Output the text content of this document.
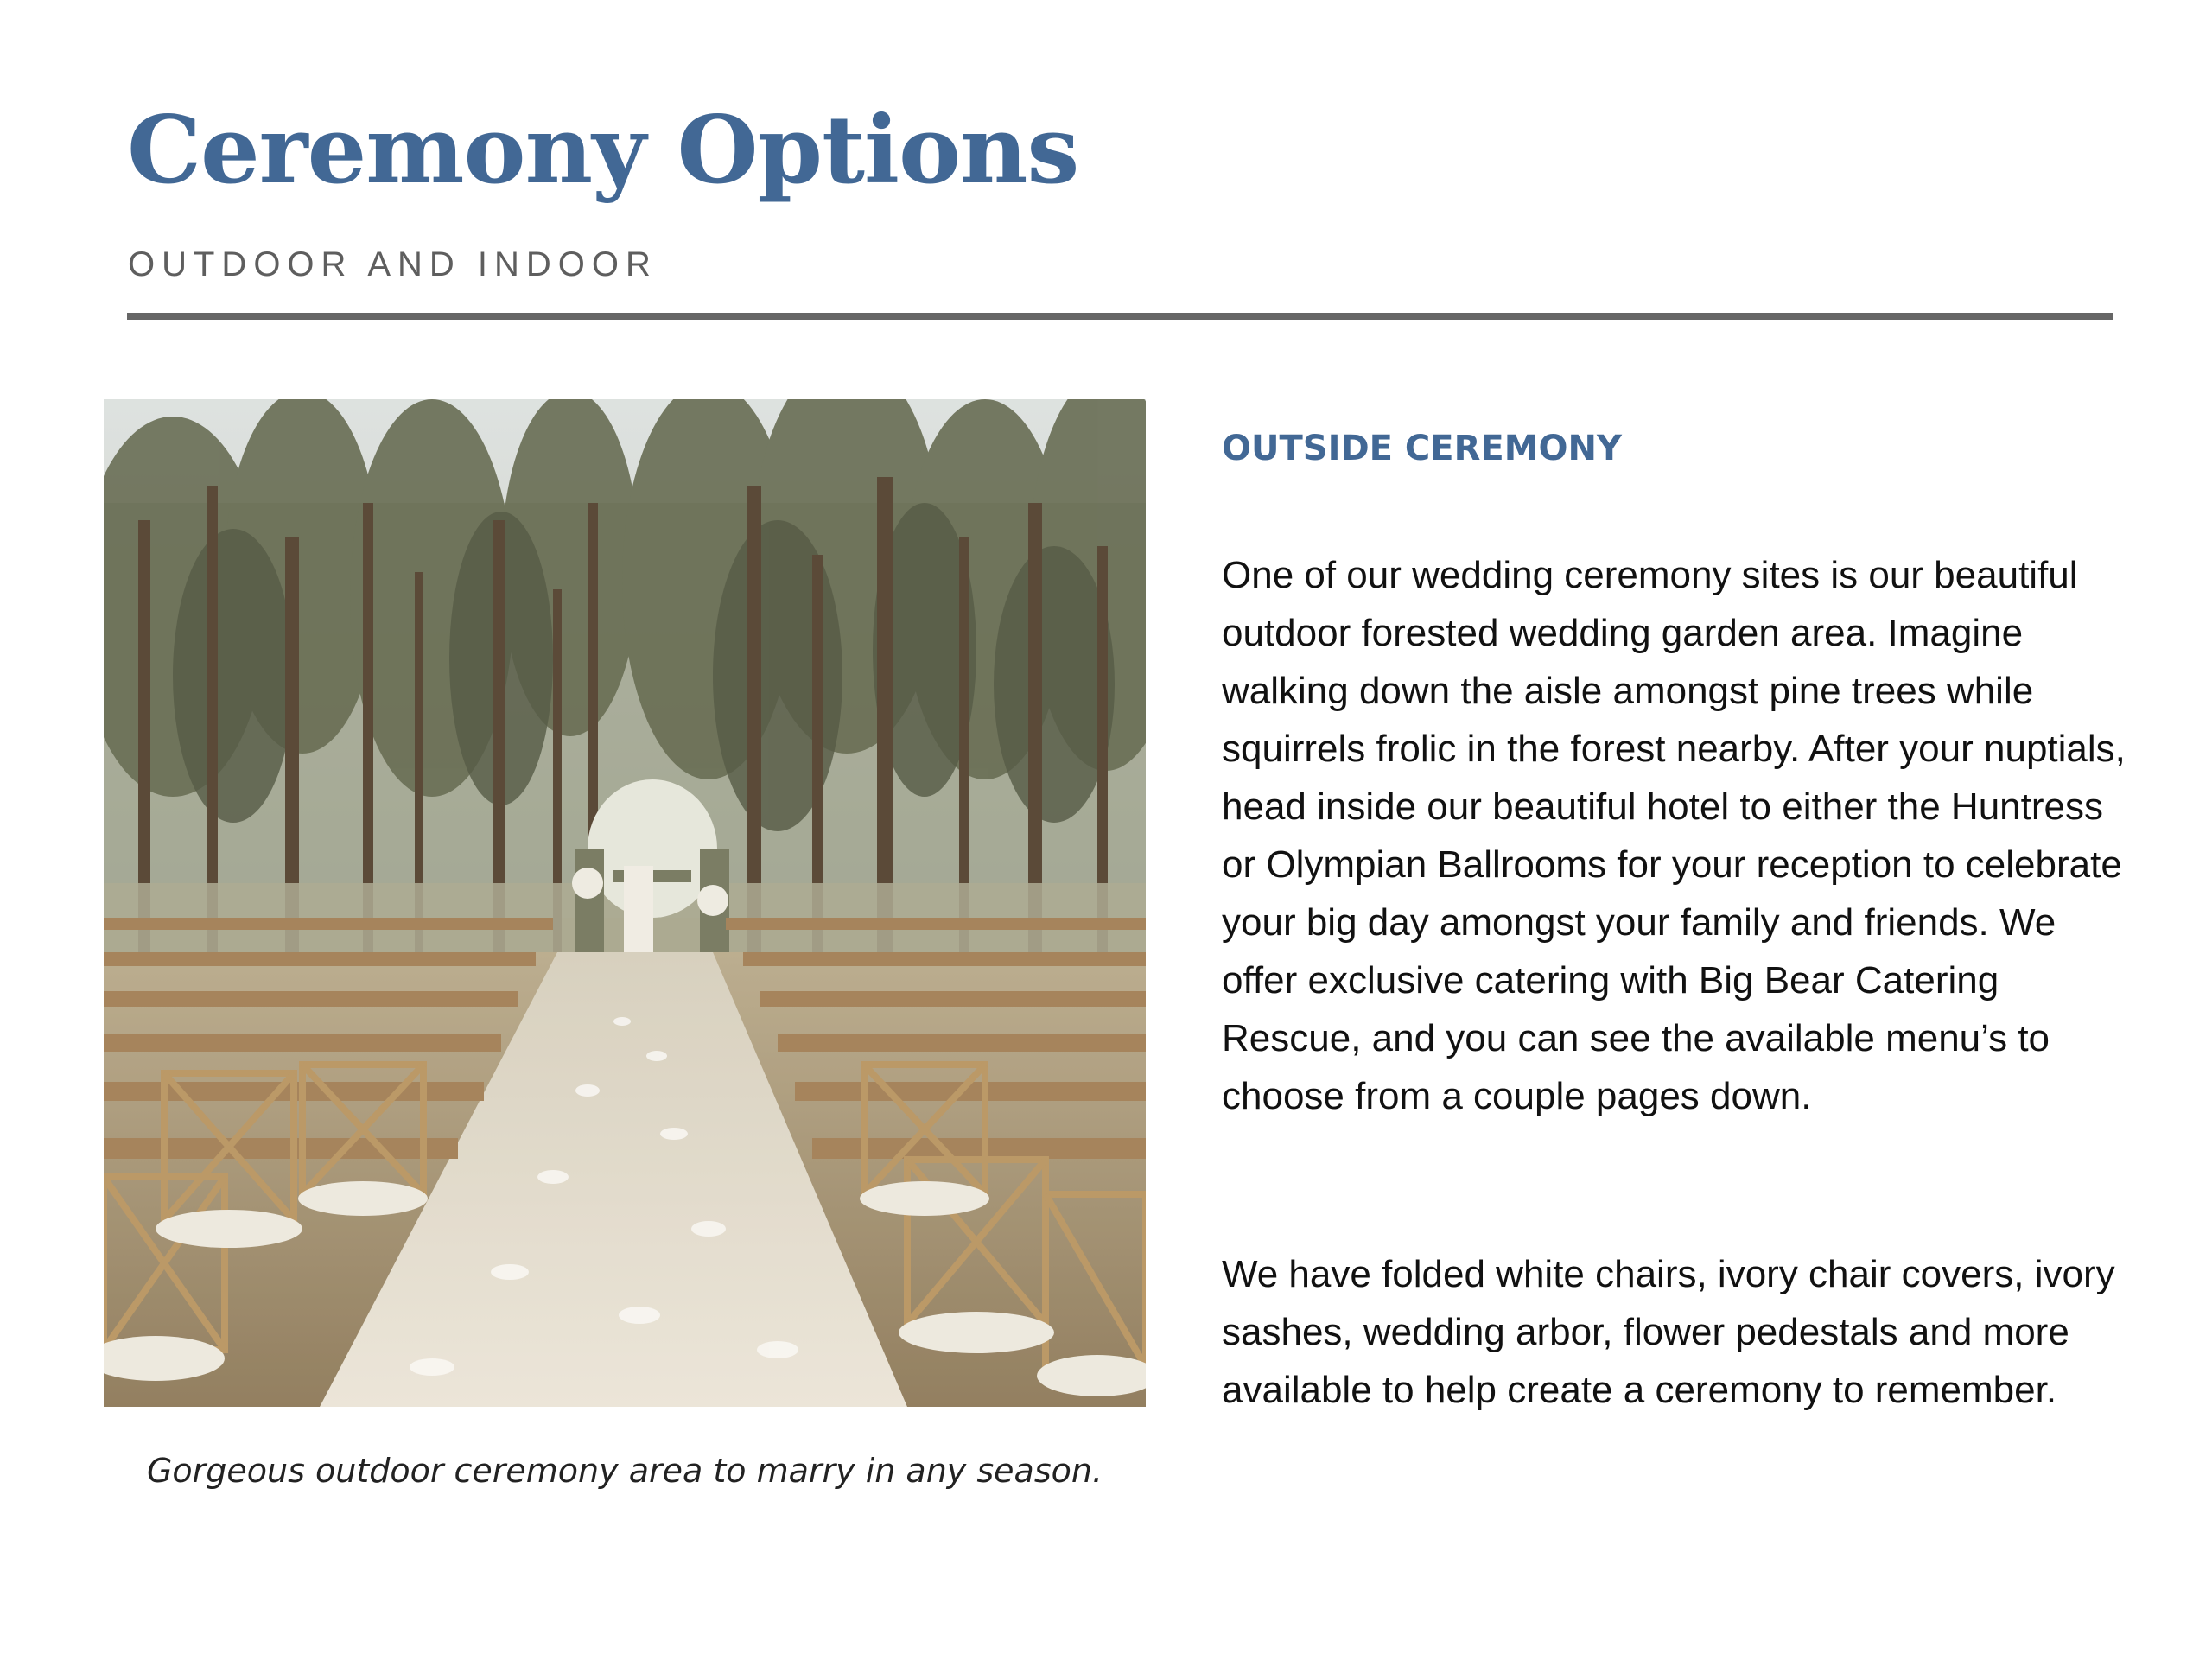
Ceremony Options
OUTDOOR AND INDOOR
Gorgeous outdoor ceremony area to marry in any season.
OUTSIDE CEREMONY

One of our wedding ceremony sites is our beautiful outdoor forested wedding garden area. Imagine walking down the aisle amongst pine trees while squirrels frolic in the forest nearby. After your nuptials, head inside our beautiful hotel to either the Huntress or Olympian Ballrooms for your reception to celebrate your big day amongst your family and friends. We offer exclusive catering with Big Bear Catering Rescue, and you can see the available menu’s to choose from a couple pages down.

We have folded white chairs, ivory chair covers, ivory sashes, wedding arbor, flower pedestals and more available to help create a ceremony to remember.
